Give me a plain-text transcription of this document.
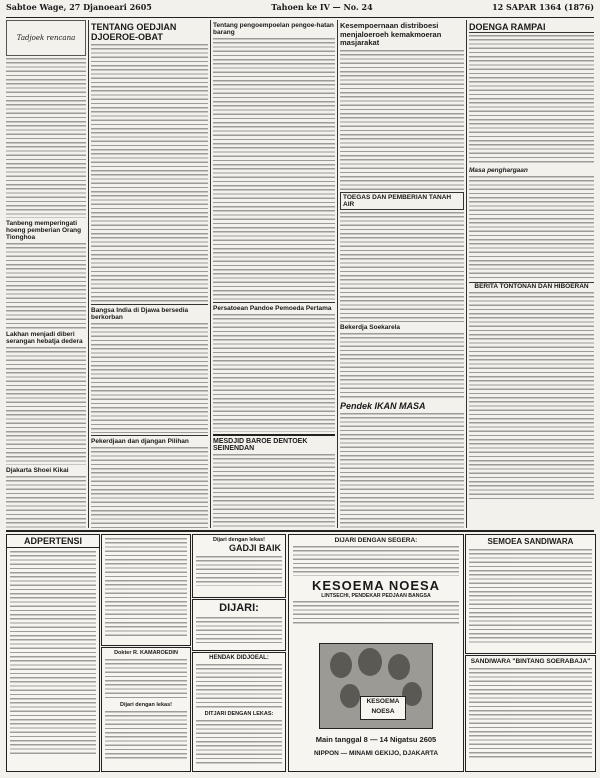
Sabtoe Wage, 27 Djanoeari 2605	Tahoen ke IV — No. 24	12 SAPAR 1364 (1876)
Tadjoek rencana
Tanbeng memperingati hoeng pemberian Orang Tionghoa
Lakhan menjadi diberi serangan hebatja dedera
Djakarta Shoei Kikai
TENTANG OEDJIAN DJOEROE-OBAT
Bangsa India di Djawa bersedia berkorban
Pekerdjaan dan djangan Pilihan
Tentang pengoempoelan pengoe-hatan barang
Persatoean Pandoe Pemoeda Pertama
MESDJID BAROE DENTOEK SEINENDAN
Kesempoernaan distriboesi menjaloeroeh kemakmoeran masjarakat
TOEGAS DAN PEMBERIAN TANAH AIR
Bekerdja Soekarela
Pendek IKAN MASA
DOENGA RAMPAI
Masa penghargaan
BERITA TONTONAN DAN HIBOERAN
ADPERTENSI
Dokter R. KAMAROEDIN
Dijari dengan lekas!
Dijari dengan lekas!
GADJI BAIK
DIJARI:
HENDAK DIDJOEAL:
DITJARI DENGAN LEKAS:
DIJARI DENGAN SEGERA:
KESOEMA NOESA
LINTSECHI, PENDEKAR PEDJAAN BANGSA
KESOEMA NOESA
Main tanggal 8 — 14 Nigatsu 2605
NIPPON — MINAMI GEKIJO, DJAKARTA
SEMOEA SANDIWARA
SANDIWARA "BINTANG SOERABAJA"
